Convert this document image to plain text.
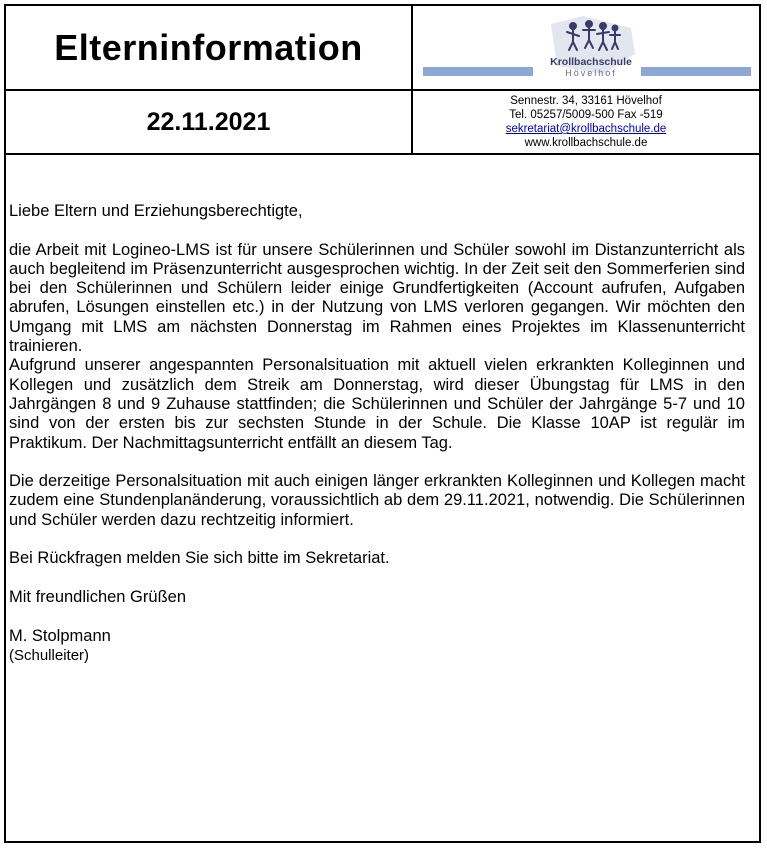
Elterninformation	Krollbachschule
Hövelhof
22.11.2021
Sennestr. 34, 33161 Hövelhof
Tel. 05257/5009-500 Fax -519
sekretariat@krollbachschule.de
www.krollbachschule.de

Liebe Eltern und Erziehungsberechtigte,

die Arbeit mit Logineo-LMS ist für unsere Schülerinnen und Schüler sowohl im Distanzunterricht als auch begleitend im Präsenzunterricht ausgesprochen wichtig. In der Zeit seit den Sommerferien sind bei den Schülerinnen und Schülern leider einige Grundfertigkeiten (Account aufrufen, Aufgaben abrufen, Lösungen einstellen etc.) in der Nutzung von LMS verloren gegangen. Wir möchten den Umgang mit LMS am nächsten Donnerstag im Rahmen eines Projektes im Klassenunterricht trainieren.

Aufgrund unserer angespannten Personalsituation mit aktuell vielen erkrankten Kolleginnen und Kollegen und zusätzlich dem Streik am Donnerstag, wird dieser Übungstag für LMS in den Jahrgängen 8 und 9 Zuhause stattfinden; die Schülerinnen und Schüler der Jahrgänge 5-7 und 10 sind von der ersten bis zur sechsten Stunde in der Schule. Die Klasse 10AP ist regulär im Praktikum. Der Nachmittagsunterricht entfällt an diesem Tag.

Die derzeitige Personalsituation mit auch einigen länger erkrankten Kolleginnen und Kollegen macht zudem eine Stundenplanänderung, voraussichtlich ab dem 29.11.2021, notwendig. Die Schülerinnen und Schüler werden dazu rechtzeitig informiert.

Bei Rückfragen melden Sie sich bitte im Sekretariat.

Mit freundlichen Grüßen

M. Stolpmann

(Schulleiter)
